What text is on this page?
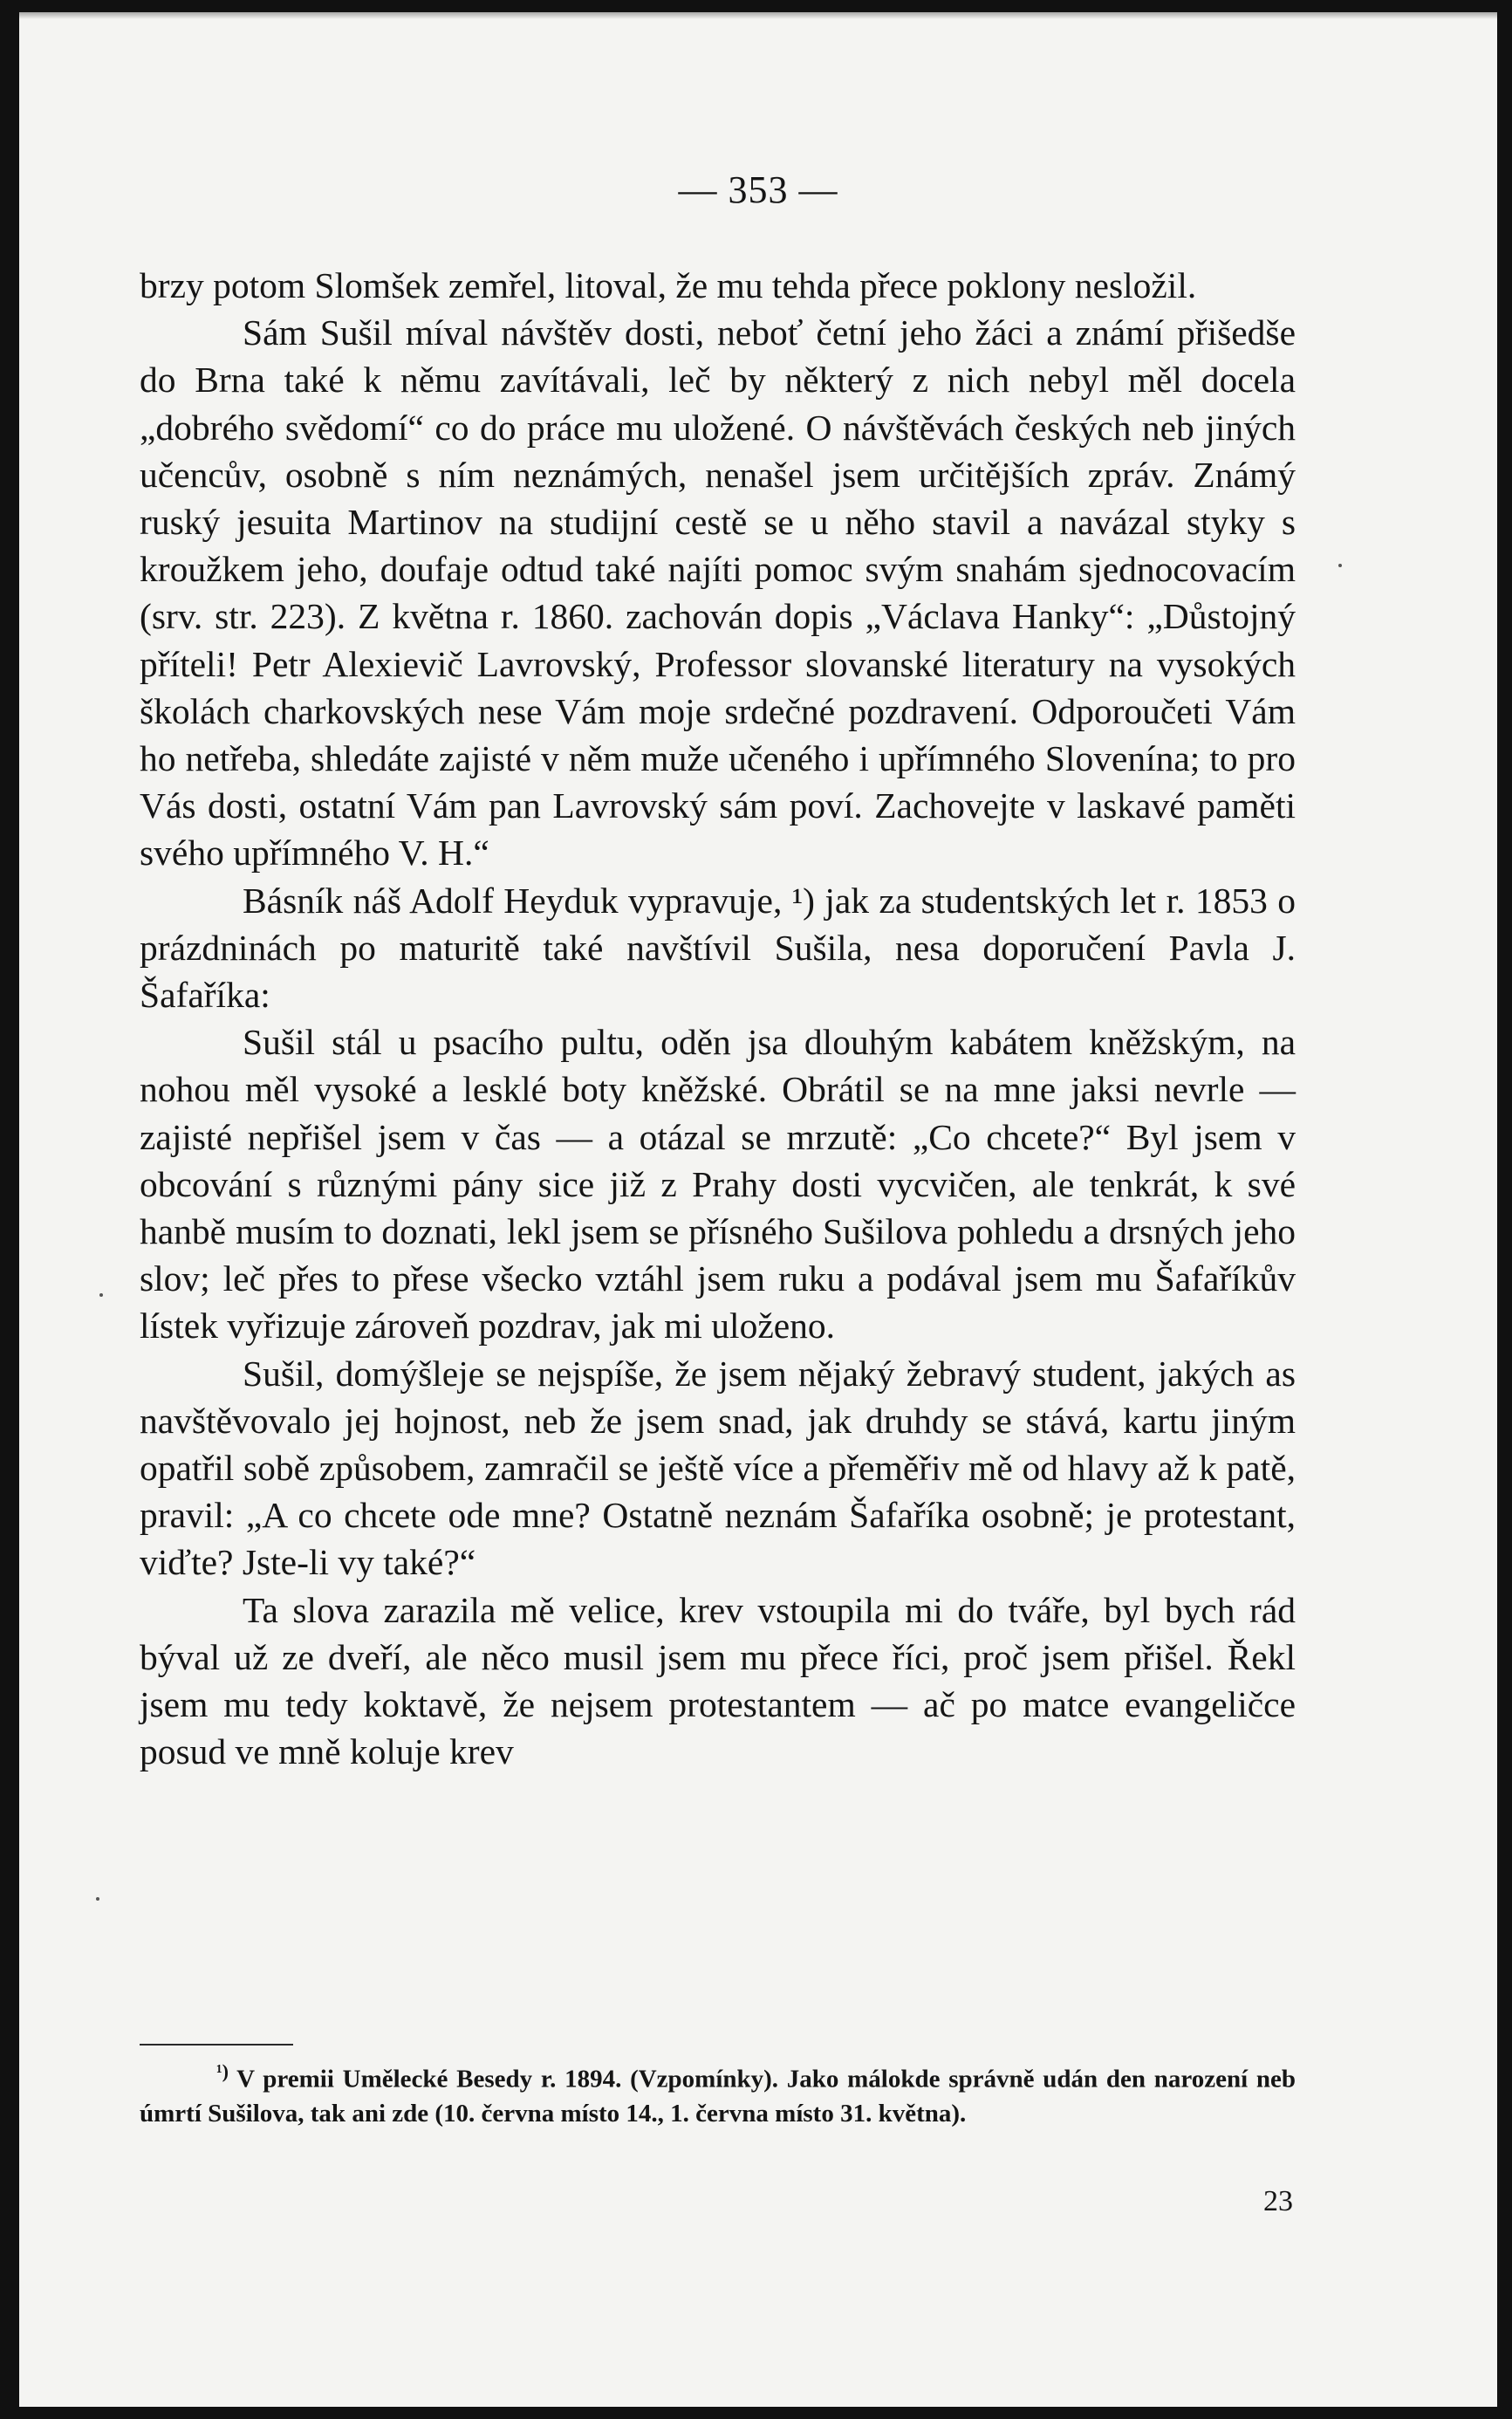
— 353 —

brzy potom Slomšek zemřel, litoval, že mu tehda přece poklony nesložil.

Sám Sušil míval návštěv dosti, neboť četní jeho žáci a známí přišedše do Brna také k němu zavítávali, leč by některý z nich nebyl měl docela „dobrého svědomí“ co do práce mu uložené. O návštěvách českých neb jiných učencův, osobně s ním neznámých, nenašel jsem určitějších zpráv. Známý ruský jesuita Martinov na studijní cestě se u něho stavil a navázal styky s kroužkem jeho, doufaje odtud také najíti pomoc svým snahám sjednocovacím (srv. str. 223). Z května r. 1860. zachován dopis „Václava Hanky“: „Důstojný příteli! Petr Alexievič Lavrovský, Professor slovanské literatury na vysokých školách charkovských nese Vám moje srdečné pozdravení. Odporoučeti Vám ho netřeba, shledáte zajisté v něm muže učeného i upřímného Slovenína; to pro Vás dosti, ostatní Vám pan Lavrovský sám poví. Zachovejte v laskavé paměti svého upřímného V. H.“

Básník náš Adolf Heyduk vypravuje, ¹) jak za studentských let r. 1853 o prázdninách po maturitě také navštívil Sušila, nesa doporučení Pavla J. Šafaříka:

Sušil stál u psacího pultu, oděn jsa dlouhým kabátem kněžským, na nohou měl vysoké a lesklé boty kněžské. Obrátil se na mne jaksi nevrle — zajisté nepřišel jsem v čas — a otázal se mrzutě: „Co chcete?“ Byl jsem v obcování s různými pány sice již z Prahy dosti vycvičen, ale tenkrát, k své hanbě musím to doznati, lekl jsem se přísného Sušilova pohledu a drsných jeho slov; leč přes to přese všecko vztáhl jsem ruku a podával jsem mu Šafaříkův lístek vyřizuje zároveň pozdrav, jak mi uloženo.

Sušil, domýšleje se nejspíše, že jsem nějaký žebravý student, jakých as navštěvovalo jej hojnost, neb že jsem snad, jak druhdy se stává, kartu jiným opatřil sobě způsobem, zamračil se ještě více a přeměřiv mě od hlavy až k patě, pravil: „A co chcete ode mne? Ostatně neznám Šafaříka osobně; je protestant, viďte? Jste-li vy také?“

Ta slova zarazila mě velice, krev vstoupila mi do tváře, byl bych rád býval už ze dveří, ale něco musil jsem mu přece říci, proč jsem přišel. Řekl jsem mu tedy koktavě, že nejsem protestantem — ač po matce evangeličce posud ve mně koluje krev

$^{^1)}$ V premii Umělecké Besedy r. 1894. (Vzpomínky). Jako málokde správně udán den narození neb úmrtí Sušilova, tak ani zde (10. června místo 14., 1. června místo 31. května).
23
